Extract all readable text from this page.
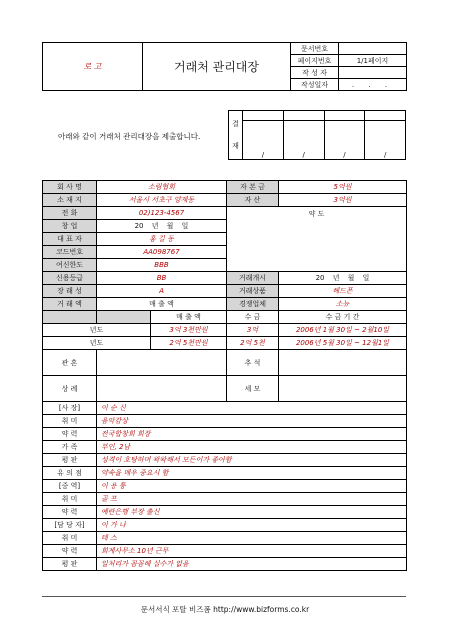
로 고	거래처 관리대장	문서번호	
		페이지번호	1/1페이지
		작 성 자	
		작성일자	. . .
아래와 같이 거래처 관리대장을 제출합니다.
결
재				

	/	/	/	/
회 사 명	소림협회		자 본 금	5억원
소 재 지	서울시 서초구 양재동		자 산	3억원
전 화	02)123-4567		약 도	
창 업	20 년 월 일			
대 표 자	홍 길 동			
코드번호	AA098767			
여신한도	BBB			
신용등급	BB		거래개시	20 년 월 일
장 래 성	A		거래상품	헤드폰
거 래 액	매 출 액		경쟁업체	소뉴
		매 출 액	수 금	수 금 기 간
년도		3억 3천만원	3억	2006년 1월 30일 ~ 2월10일
년도		2억 5천만원	2억 5천	2006년 5월 30일 ~ 12월1일
관 혼			추 석	
상 례			세 모	
[사 장]	이 순 신			
취 미	음악감상			
약 력	전국합창회 회장			
가 족	부인, 2남			
평 판	성격이 호탕하며 왁왁해서 모든이가 좋아함			
유 의 점	약속을 매우 중요시 함			
[중 역]	이 용 퉁			
취 미	골 프			
약 력	예란은행 부장 출신			
[담 당 자]	이 가 나			
취 미	테 스			
약 력	회계사무소 10년 근무			
평 판	일처리가 꼼꼼해 실수가 없음			
문서서식 포탈 비즈폼 http://www.bizforms.co.kr
